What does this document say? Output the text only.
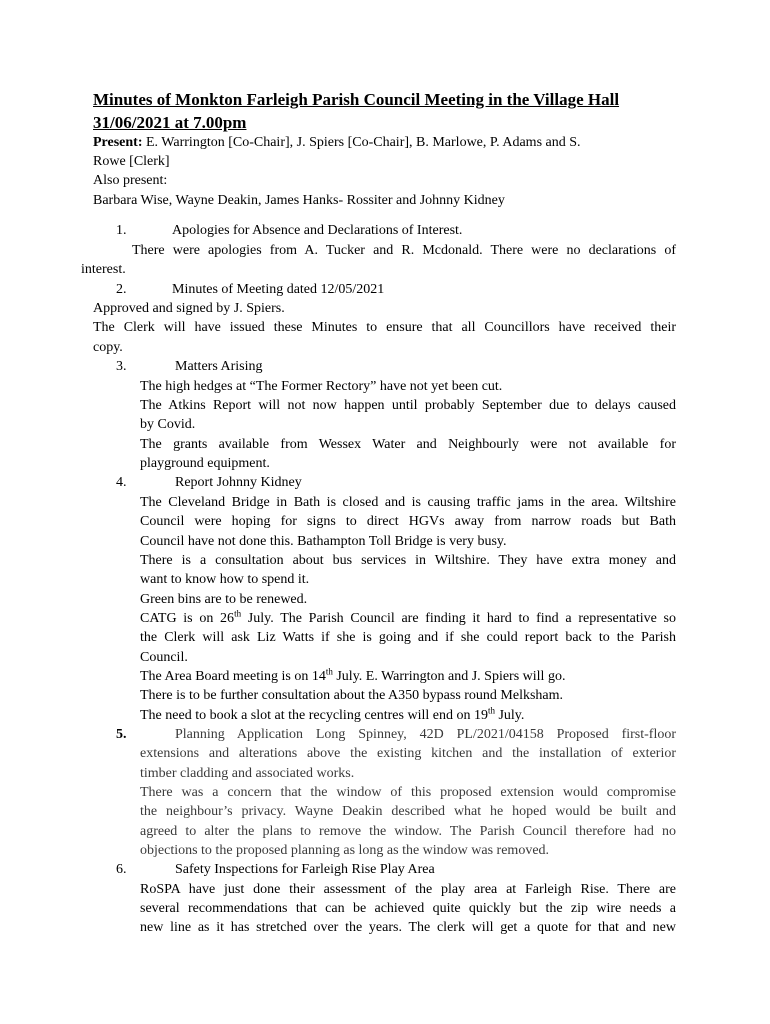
Minutes of Monkton Farleigh Parish Council Meeting in the Village Hall
31/06/2021 at 7.00pm
Present: E. Warrington [Co-Chair], J. Spiers [Co-Chair], B. Marlowe, P. Adams and S.
Rowe [Clerk]
Also present:
Barbara Wise, Wayne Deakin, James Hanks- Rossiter and Johnny Kidney
1.	Apologies for Absence and Declarations of Interest.
There were apologies from A. Tucker and R. Mcdonald. There were no declarations of
interest.
2.	Minutes of Meeting dated 12/05/2021
Approved and signed by J. Spiers.
The Clerk will have issued these Minutes to ensure that all Councillors have received their
copy.
3.	Matters Arising
The high hedges at “The Former Rectory” have not yet been cut.
The Atkins Report will not now happen until probably September due to delays caused
by Covid.
The grants available from Wessex Water and Neighbourly were not available for
playground equipment.
4.	Report Johnny Kidney
The Cleveland Bridge in Bath is closed and is causing traffic jams in the area. Wiltshire
Council were hoping for signs to direct HGVs away from narrow roads but Bath
Council have not done this. Bathampton Toll Bridge is very busy.
There is a consultation about bus services in Wiltshire. They have extra money and
want to know how to spend it.
Green bins are to be renewed.
CATG is on 26th July. The Parish Council are finding it hard to find a representative so
the Clerk will ask Liz Watts if she is going and if she could report back to the Parish
Council.
The Area Board meeting is on 14th July. E. Warrington and J. Spiers will go.
There is to be further consultation about the A350 bypass round Melksham.
The need to book a slot at the recycling centres will end on 19th July.
5.	Planning Application Long Spinney, 42D PL/2021/04158 Proposed first-floor
extensions and alterations above the existing kitchen and the installation of exterior
timber cladding and associated works.
There was a concern that the window of this proposed extension would compromise
the neighbour’s privacy. Wayne Deakin described what he hoped would be built and
agreed to alter the plans to remove the window. The Parish Council therefore had no
objections to the proposed planning as long as the window was removed.
6.	Safety Inspections for Farleigh Rise Play Area
RoSPA have just done their assessment of the play area at Farleigh Rise. There are
several recommendations that can be achieved quite quickly but the zip wire needs a
new line as it has stretched over the years. The clerk will get a quote for that and new
